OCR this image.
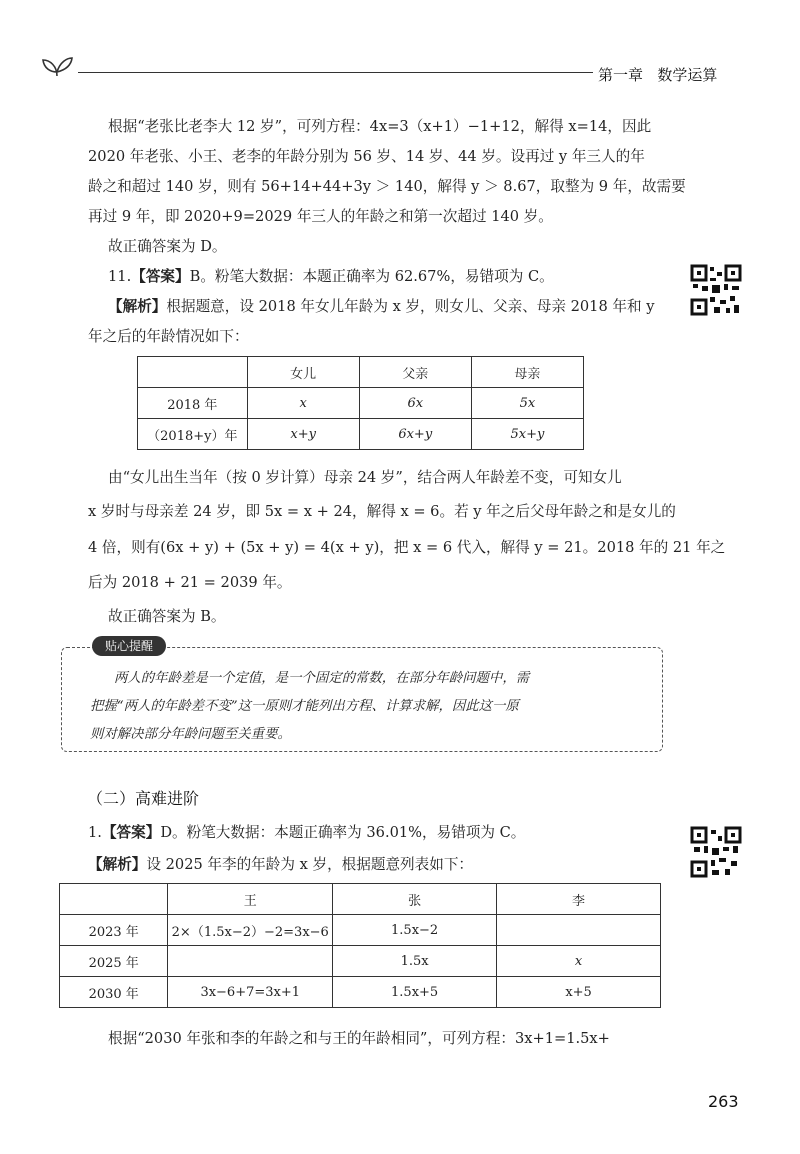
第一章 数学运算
根据“老张比老李大 12 岁”，可列方程：4x=3（x+1）−1+12，解得 x=14，因此
2020 年老张、小王、老李的年龄分别为 56 岁、14 岁、44 岁。设再过 y 年三人的年
龄之和超过 140 岁，则有 56+14+44+3y ＞ 140，解得 y ＞ 8.67，取整为 9 年，故需要
再过 9 年，即 2020+9=2029 年三人的年龄之和第一次超过 140 岁。
故正确答案为 D。
11.【答案】B。粉笔大数据：本题正确率为 62.67%，易错项为 C。
【解析】根据题意，设 2018 年女儿年龄为 x 岁，则女儿、父亲、母亲 2018 年和 y
年之后的年龄情况如下：
	女儿	父亲	母亲
2018 年	x	6x	5x
（2018+y）年	x+y	6x+y	5x+y
由“女儿出生当年（按 0 岁计算）母亲 24 岁”，结合两人年龄差不变，可知女儿
x 岁时与母亲差 24 岁，即 5x = x + 24，解得 x = 6。若 y 年之后父母年龄之和是女儿的
4 倍，则有(6x + y) + (5x + y) = 4(x + y)，把 x = 6 代入，解得 y = 21。2018 年的 21 年之
后为 2018 + 21 = 2039 年。
故正确答案为 B。
贴心提醒
两人的年龄差是一个定值，是一个固定的常数，在部分年龄问题中，需
把握“两人的年龄差不变”这一原则才能列出方程、计算求解，因此这一原
则对解决部分年龄问题至关重要。
（二）高难进阶
1.【答案】D。粉笔大数据：本题正确率为 36.01%，易错项为 C。
【解析】设 2025 年李的年龄为 x 岁，根据题意列表如下：
	王	张	李
2023 年	2×（1.5x−2）−2=3x−6	1.5x−2	
2025 年		1.5x	x
2030 年	3x−6+7=3x+1	1.5x+5	x+5
根据“2030 年张和李的年龄之和与王的年龄相同”，可列方程：3x+1=1.5x+
263
